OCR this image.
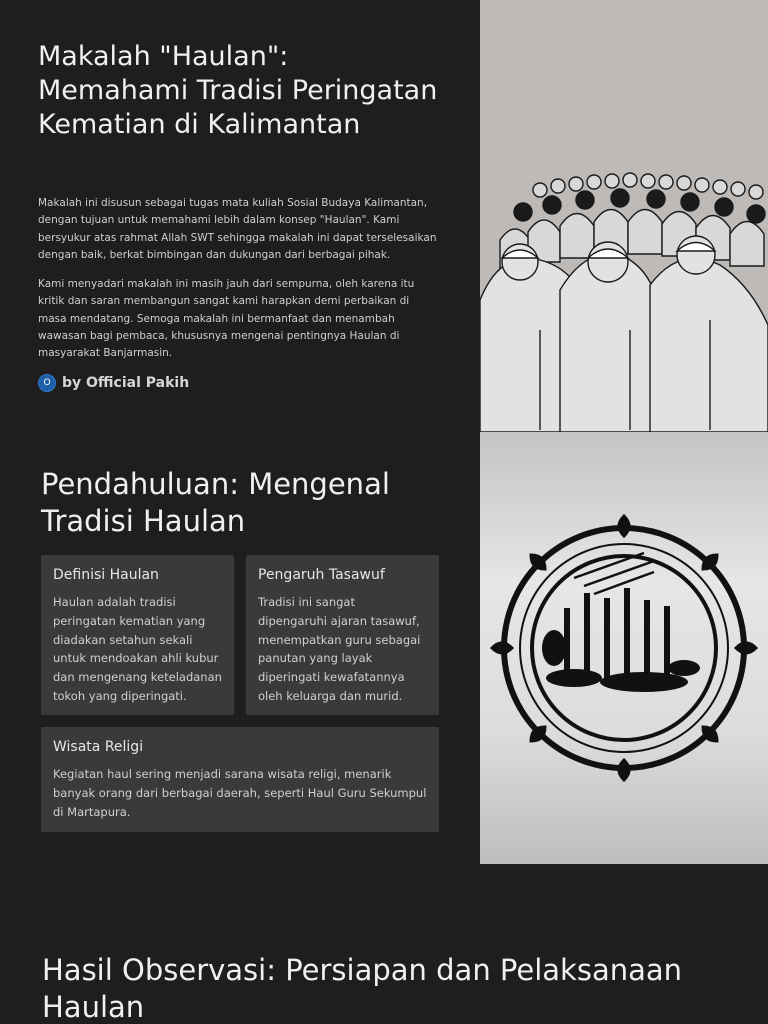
Makalah "Haulan": Memahami Tradisi Peringatan Kematian di Kalimantan

Makalah ini disusun sebagai tugas mata kuliah Sosial Budaya Kalimantan, dengan tujuan untuk memahami lebih dalam konsep "Haulan". Kami bersyukur atas rahmat Allah SWT sehingga makalah ini dapat terselesaikan dengan baik, berkat bimbingan dan dukungan dari berbagai pihak.

Kami menyadari makalah ini masih jauh dari sempurna, oleh karena itu kritik dan saran membangun sangat kami harapkan demi perbaikan di masa mendatang. Semoga makalah ini bermanfaat dan menambah wawasan bagi pembaca, khususnya mengenai pentingnya Haulan di masyarakat Banjarmasin.

O by Official Pakih
Pendahuluan: Mengenal Tradisi Haulan
Definisi Haulan

Haulan adalah tradisi peringatan kematian yang diadakan setahun sekali untuk mendoakan ahli kubur dan mengenang keteladanan tokoh yang diperingati.

Pengaruh Tasawuf

Tradisi ini sangat dipengaruhi ajaran tasawuf, menempatkan guru sebagai panutan yang layak diperingati kewafatannya oleh keluarga dan murid.

Wisata Religi

Kegiatan haul sering menjadi sarana wisata religi, menarik banyak orang dari berbagai daerah, seperti Haul Guru Sekumpul di Martapura.

Hasil Observasi: Persiapan dan Pelaksanaan Haulan
